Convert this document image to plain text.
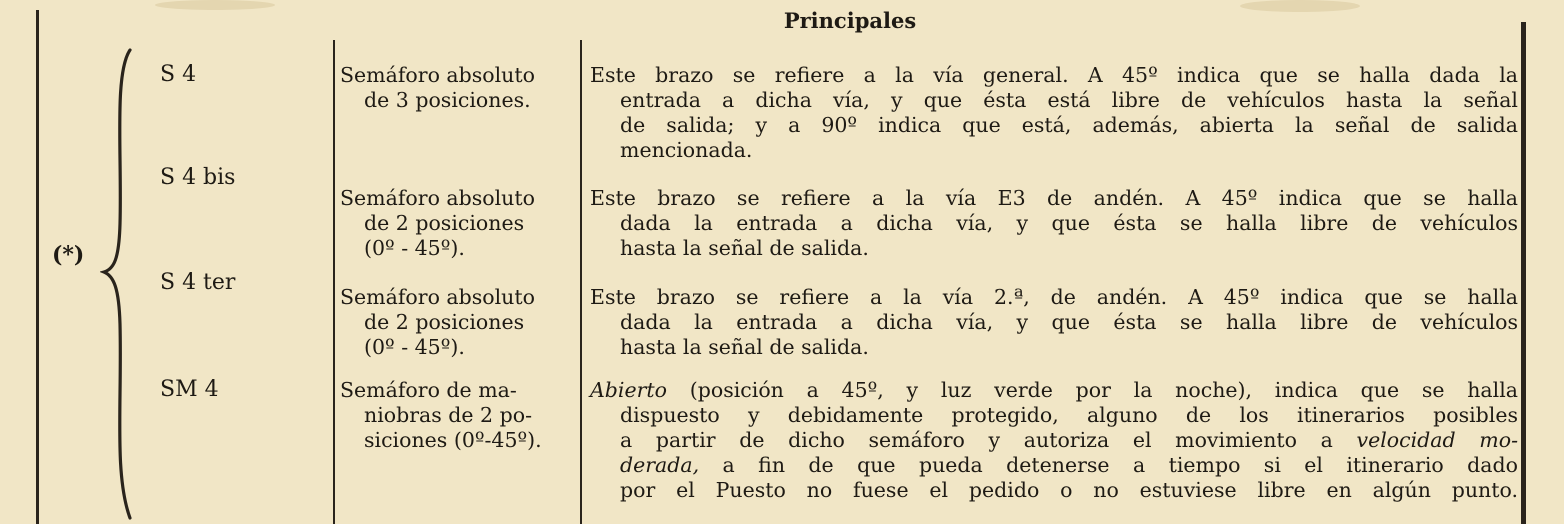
Principales
(*)
S 4	Semáforo absoluto
de 3 posiciones.
Este brazo se refiere a la vía general. A 45º indica que se halla dada la
entrada a dicha vía, y que ésta está libre de vehículos hasta la señal
de salida; y a 90º indica que está, además, abierta la señal de salida
mencionada.
S 4 bis
Semáforo absoluto
de 2 posiciones
(0º - 45º).
Este brazo se refiere a la vía E3 de andén. A 45º indica que se halla
dada la entrada a dicha vía, y que ésta se halla libre de vehículos
hasta la señal de salida.
S 4 ter
Semáforo absoluto
de 2 posiciones
(0º - 45º).
Este brazo se refiere a la vía 2.ª, de andén. A 45º indica que se halla
dada la entrada a dicha vía, y que ésta se halla libre de vehículos
hasta la señal de salida.
SM 4	Semáforo de ma-
niobras de 2 po-
siciones (0º-45º).
Abierto (posición a 45º, y luz verde por la noche), indica que se halla
dispuesto y debidamente protegido, alguno de los itinerarios posibles
a partir de dicho semáforo y autoriza el movimiento a velocidad mo-
derada, a fin de que pueda detenerse a tiempo si el itinerario dado
por el Puesto no fuese el pedido o no estuviese libre en algún punto.
